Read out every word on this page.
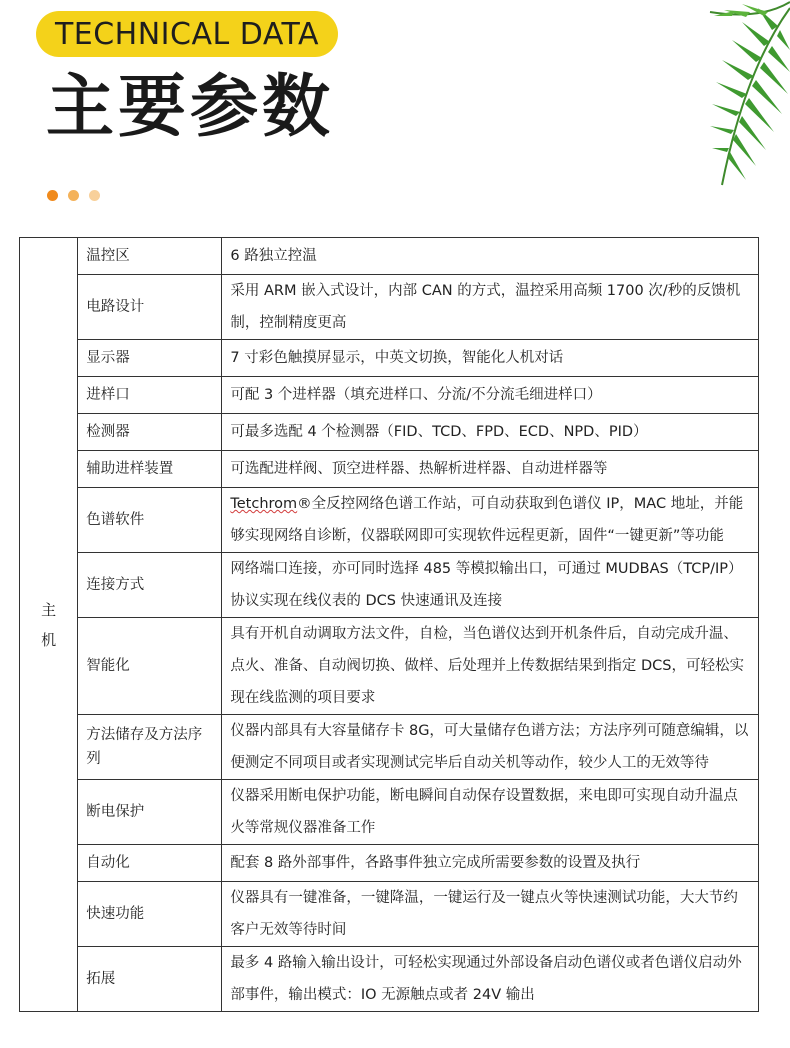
TECHNICAL DATA
主要参数
主
机	温控区	6 路独立控温
	电路设计	采用 ARM 嵌入式设计，内部 CAN 的方式，温控采用高频 1700 次/秒的反馈机制，控制精度更高
	显示器	7 寸彩色触摸屏显示，中英文切换，智能化人机对话
	进样口	可配 3 个进样器（填充进样口、分流/不分流毛细进样口）
	检测器	可最多选配 4 个检测器（FID、TCD、FPD、ECD、NPD、PID）
	辅助进样装置	可选配进样阀、顶空进样器、热解析进样器、自动进样器等
	色谱软件	Tetchrom®全反控网络色谱工作站，可自动获取到色谱仪 IP，MAC 地址，并能够实现网络自诊断，仪器联网即可实现软件远程更新，固件“一键更新”等功能
	连接方式	网络端口连接，亦可同时选择 485 等模拟输出口，可通过 MUDBAS（TCP/IP）协议实现在线仪表的 DCS 快速通讯及连接
	智能化	具有开机自动调取方法文件，自检，当色谱仪达到开机条件后，自动完成升温、点火、准备、自动阀切换、做样、后处理并上传数据结果到指定 DCS，可轻松实现在线监测的项目要求
	方法储存及方法序列	仪器内部具有大容量储存卡 8G，可大量储存色谱方法；方法序列可随意编辑，以便测定不同项目或者实现测试完毕后自动关机等动作，较少人工的无效等待
	断电保护	仪器采用断电保护功能，断电瞬间自动保存设置数据，来电即可实现自动升温点火等常规仪器准备工作
	自动化	配套 8 路外部事件，各路事件独立完成所需要参数的设置及执行
	快速功能	仪器具有一键准备，一键降温，一键运行及一键点火等快速测试功能，大大节约客户无效等待时间
	拓展	最多 4 路输入输出设计，可轻松实现通过外部设备启动色谱仪或者色谱仪启动外部事件，输出模式：IO 无源触点或者 24V 输出
